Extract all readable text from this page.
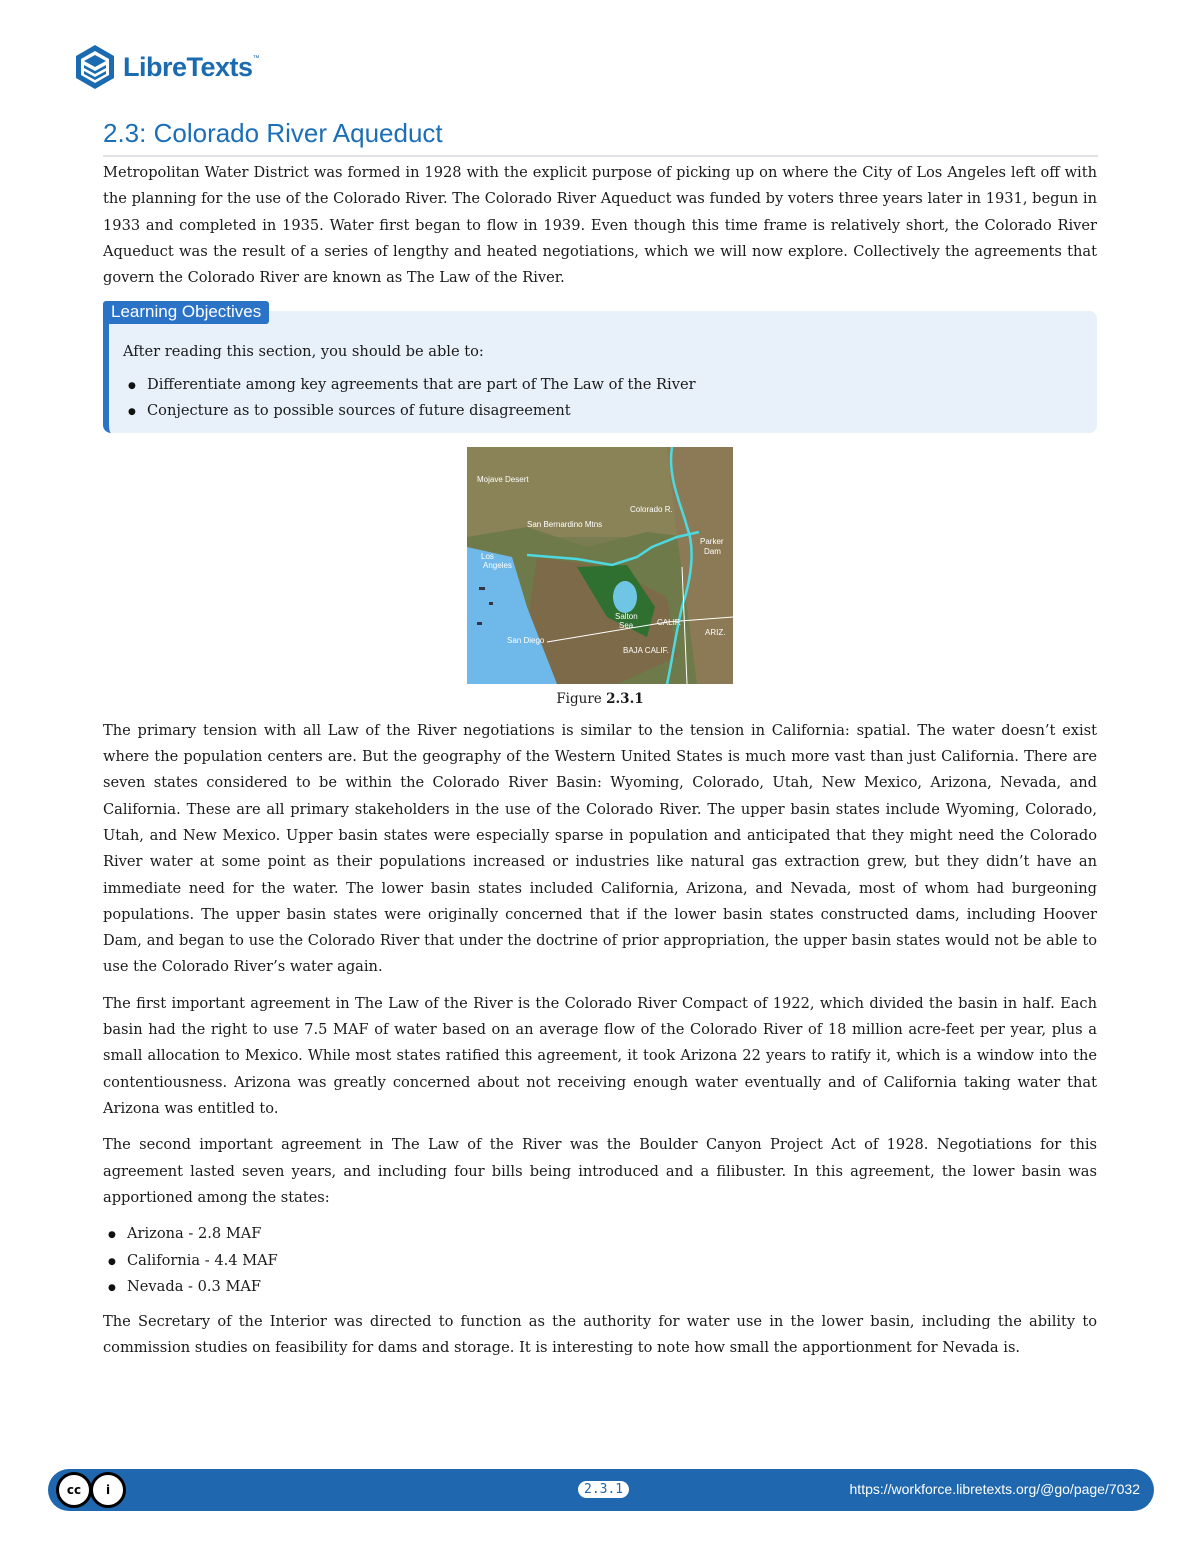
LibreTexts ™
2.3: Colorado River Aqueduct

Metropolitan Water District was formed in 1928 with the explicit purpose of picking up on where the City of Los Angeles left off with the planning for the use of the Colorado River. The Colorado River Aqueduct was funded by voters three years later in 1931, begun in 1933 and completed in 1935. Water first began to flow in 1939. Even though this time frame is relatively short, the Colorado River Aqueduct was the result of a series of lengthy and heated negotiations, which we will now explore. Collectively the agreements that govern the Colorado River are known as The Law of the River.

Learning Objectives

After reading this section, you should be able to:

● Differentiate among key agreements that are part of The Law of the River
● Conjecture as to possible sources of future disagreement
Mojave Desert
Colorado R.
San Bernardino Mtns
Parker
Dam
Los
Angeles
Salton
Sea	CALIF.
ARIZ.
San Diego
BAJA CALIF.
Figure 2.3.1

The primary tension with all Law of the River negotiations is similar to the tension in California: spatial. The water doesn’t exist where the population centers are. But the geography of the Western United States is much more vast than just California. There are seven states considered to be within the Colorado River Basin: Wyoming, Colorado, Utah, New Mexico, Arizona, Nevada, and California. These are all primary stakeholders in the use of the Colorado River. The upper basin states include Wyoming, Colorado, Utah, and New Mexico. Upper basin states were especially sparse in population and anticipated that they might need the Colorado River water at some point as their populations increased or industries like natural gas extraction grew, but they didn’t have an immediate need for the water. The lower basin states included California, Arizona, and Nevada, most of whom had burgeoning populations. The upper basin states were originally concerned that if the lower basin states constructed dams, including Hoover Dam, and began to use the Colorado River that under the doctrine of prior appropriation, the upper basin states would not be able to use the Colorado River’s water again.

The first important agreement in The Law of the River is the Colorado River Compact of 1922, which divided the basin in half. Each basin had the right to use 7.5 MAF of water based on an average flow of the Colorado River of 18 million acre-feet per year, plus a small allocation to Mexico. While most states ratified this agreement, it took Arizona 22 years to ratify it, which is a window into the contentiousness. Arizona was greatly concerned about not receiving enough water eventually and of California taking water that Arizona was entitled to.

The second important agreement in The Law of the River was the Boulder Canyon Project Act of 1928. Negotiations for this agreement lasted seven years, and including four bills being introduced and a filibuster. In this agreement, the lower basin was apportioned among the states:

● Arizona - 2.8 MAF
● California - 4.4 MAF
● Nevada - 0.3 MAF

The Secretary of the Interior was directed to function as the authority for water use in the lower basin, including the ability to commission studies on feasibility for dams and storage. It is interesting to note how small the apportionment for Nevada is.

cc	i	2.3.1	https://workforce.libretexts.org/@go/page/7032
